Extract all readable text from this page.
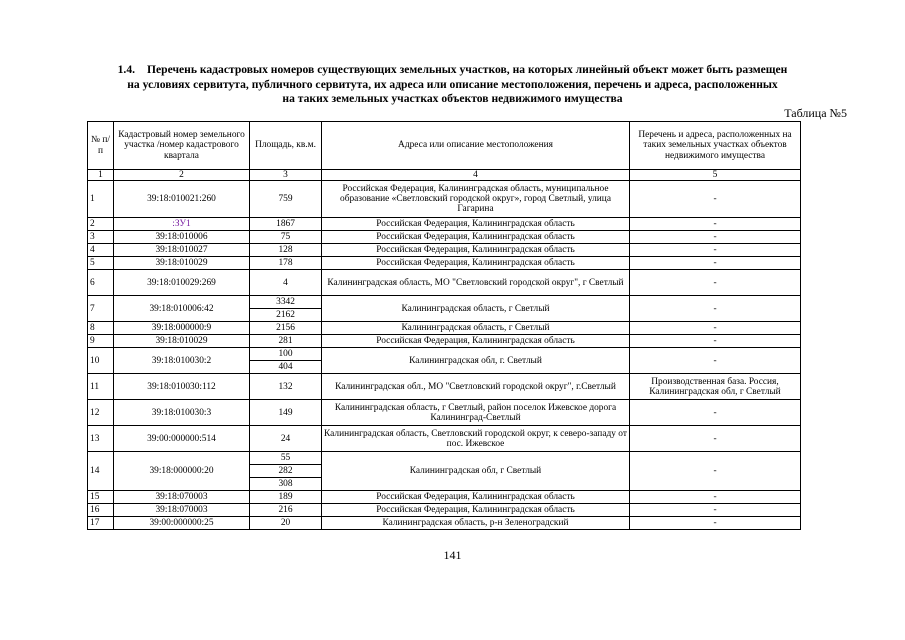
1.4. Перечень кадастровых номеров существующих земельных участков, на которых линейный объект может быть размещен
на условиях сервитута, публичного сервитута, их адреса или описание местоположения, перечень и адреса, расположенных
на таких земельных участках объектов недвижимого имущества
Таблица №5
№ п/п	Кадастровый номер земельного участка /номер кадастрового квартала	Площадь, кв.м.	Адреса или описание местоположения	Перечень и адреса, расположенных на таких земельных участках объектов недвижимого имущества
1	2	3	4	5
1	39:18:010021:260	759	Российская Федерация, Калининградская область, муниципальное образование «Светловский городской округ», город Светлый, улица Гагарина	-
2	:ЗУ1	1867	Российская Федерация, Калининградская область	-
3	39:18:010006	75	Российская Федерация, Калининградская область	-
4	39:18:010027	128	Российская Федерация, Калининградская область	-
5	39:18:010029	178	Российская Федерация, Калининградская область	-
6	39:18:010029:269	4	Калининградская область, МО "Светловский городской округ", г Светлый	-
7	39:18:010006:42	3342	Калининградская область, г Светлый	-
		2162		
8	39:18:000000:9	2156	Калининградская область, г Светлый	-
9	39:18:010029	281	Российская Федерация, Калининградская область	-
10	39:18:010030:2	100	Калининградская обл, г. Светлый	-
		404		
11	39:18:010030:112	132	Калининградская обл., МО "Светловский городской округ", г.Светлый	Производственная база. Россия, Калининградская обл, г Светлый
12	39:18:010030:3	149	Калининградская область, г Светлый, район поселок Ижевское дорога Калининград-Светлый	-
13	39:00:000000:514	24	Калининградская область, Светловский городской округ, к северо-западу от пос. Ижевское	-
14	39:18:000000:20	55	Калининградская обл, г Светлый	-
		282		
		308		
15	39:18:070003	189	Российская Федерация, Калининградская область	-
16	39:18:070003	216	Российская Федерация, Калининградская область	-
17	39:00:000000:25	20	Калининградская область, р-н Зеленоградский	-
141
